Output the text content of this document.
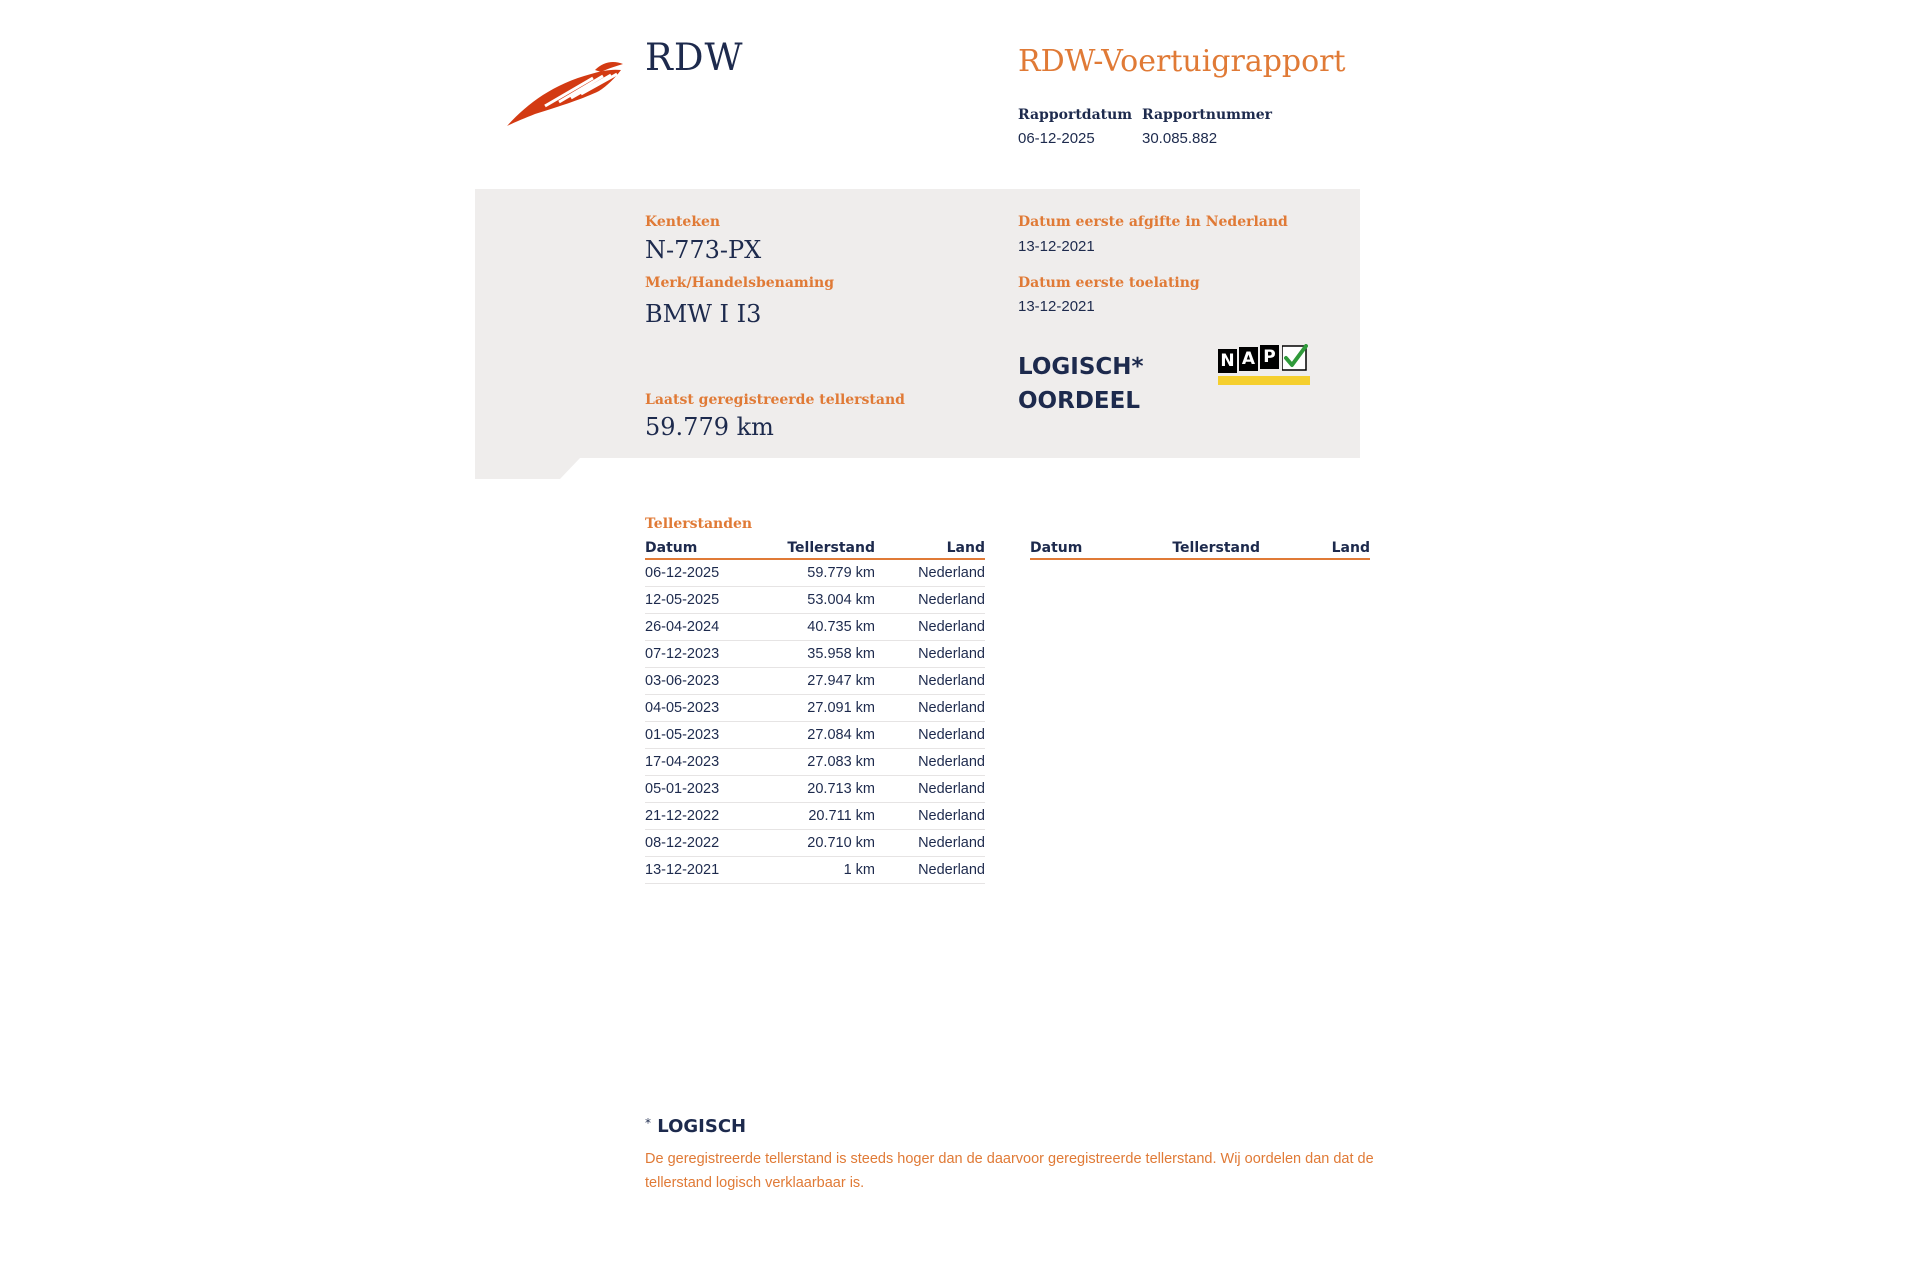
RDW	RDW-Voertuigrapport
Rapportdatum
06-12-2025
Rapportnummer
30.085.882
Kenteken
N-773-PX
Merk/Handelsbenaming
BMW I I3
Laatst geregistreerde tellerstand
59.779 km
Datum eerste afgifte in Nederland
13-12-2021
Datum eerste toelating
13-12-2021
LOGISCH*
OORDEEL
N A P
Tellerstanden
Datum	Tellerstand	Land
06-12-2025	59.779 km	Nederland
12-05-2025	53.004 km	Nederland
26-04-2024	40.735 km	Nederland
07-12-2023	35.958 km	Nederland
03-06-2023	27.947 km	Nederland
04-05-2023	27.091 km	Nederland
01-05-2023	27.084 km	Nederland
17-04-2023	27.083 km	Nederland
05-01-2023	20.713 km	Nederland
21-12-2022	20.711 km	Nederland
08-12-2022	20.710 km	Nederland
13-12-2021	1 km	Nederland
Datum	Tellerstand	Land
* LOGISCH
De geregistreerde tellerstand is steeds hoger dan de daarvoor geregistreerde tellerstand. Wij oordelen dan dat de tellerstand logisch verklaarbaar is.
